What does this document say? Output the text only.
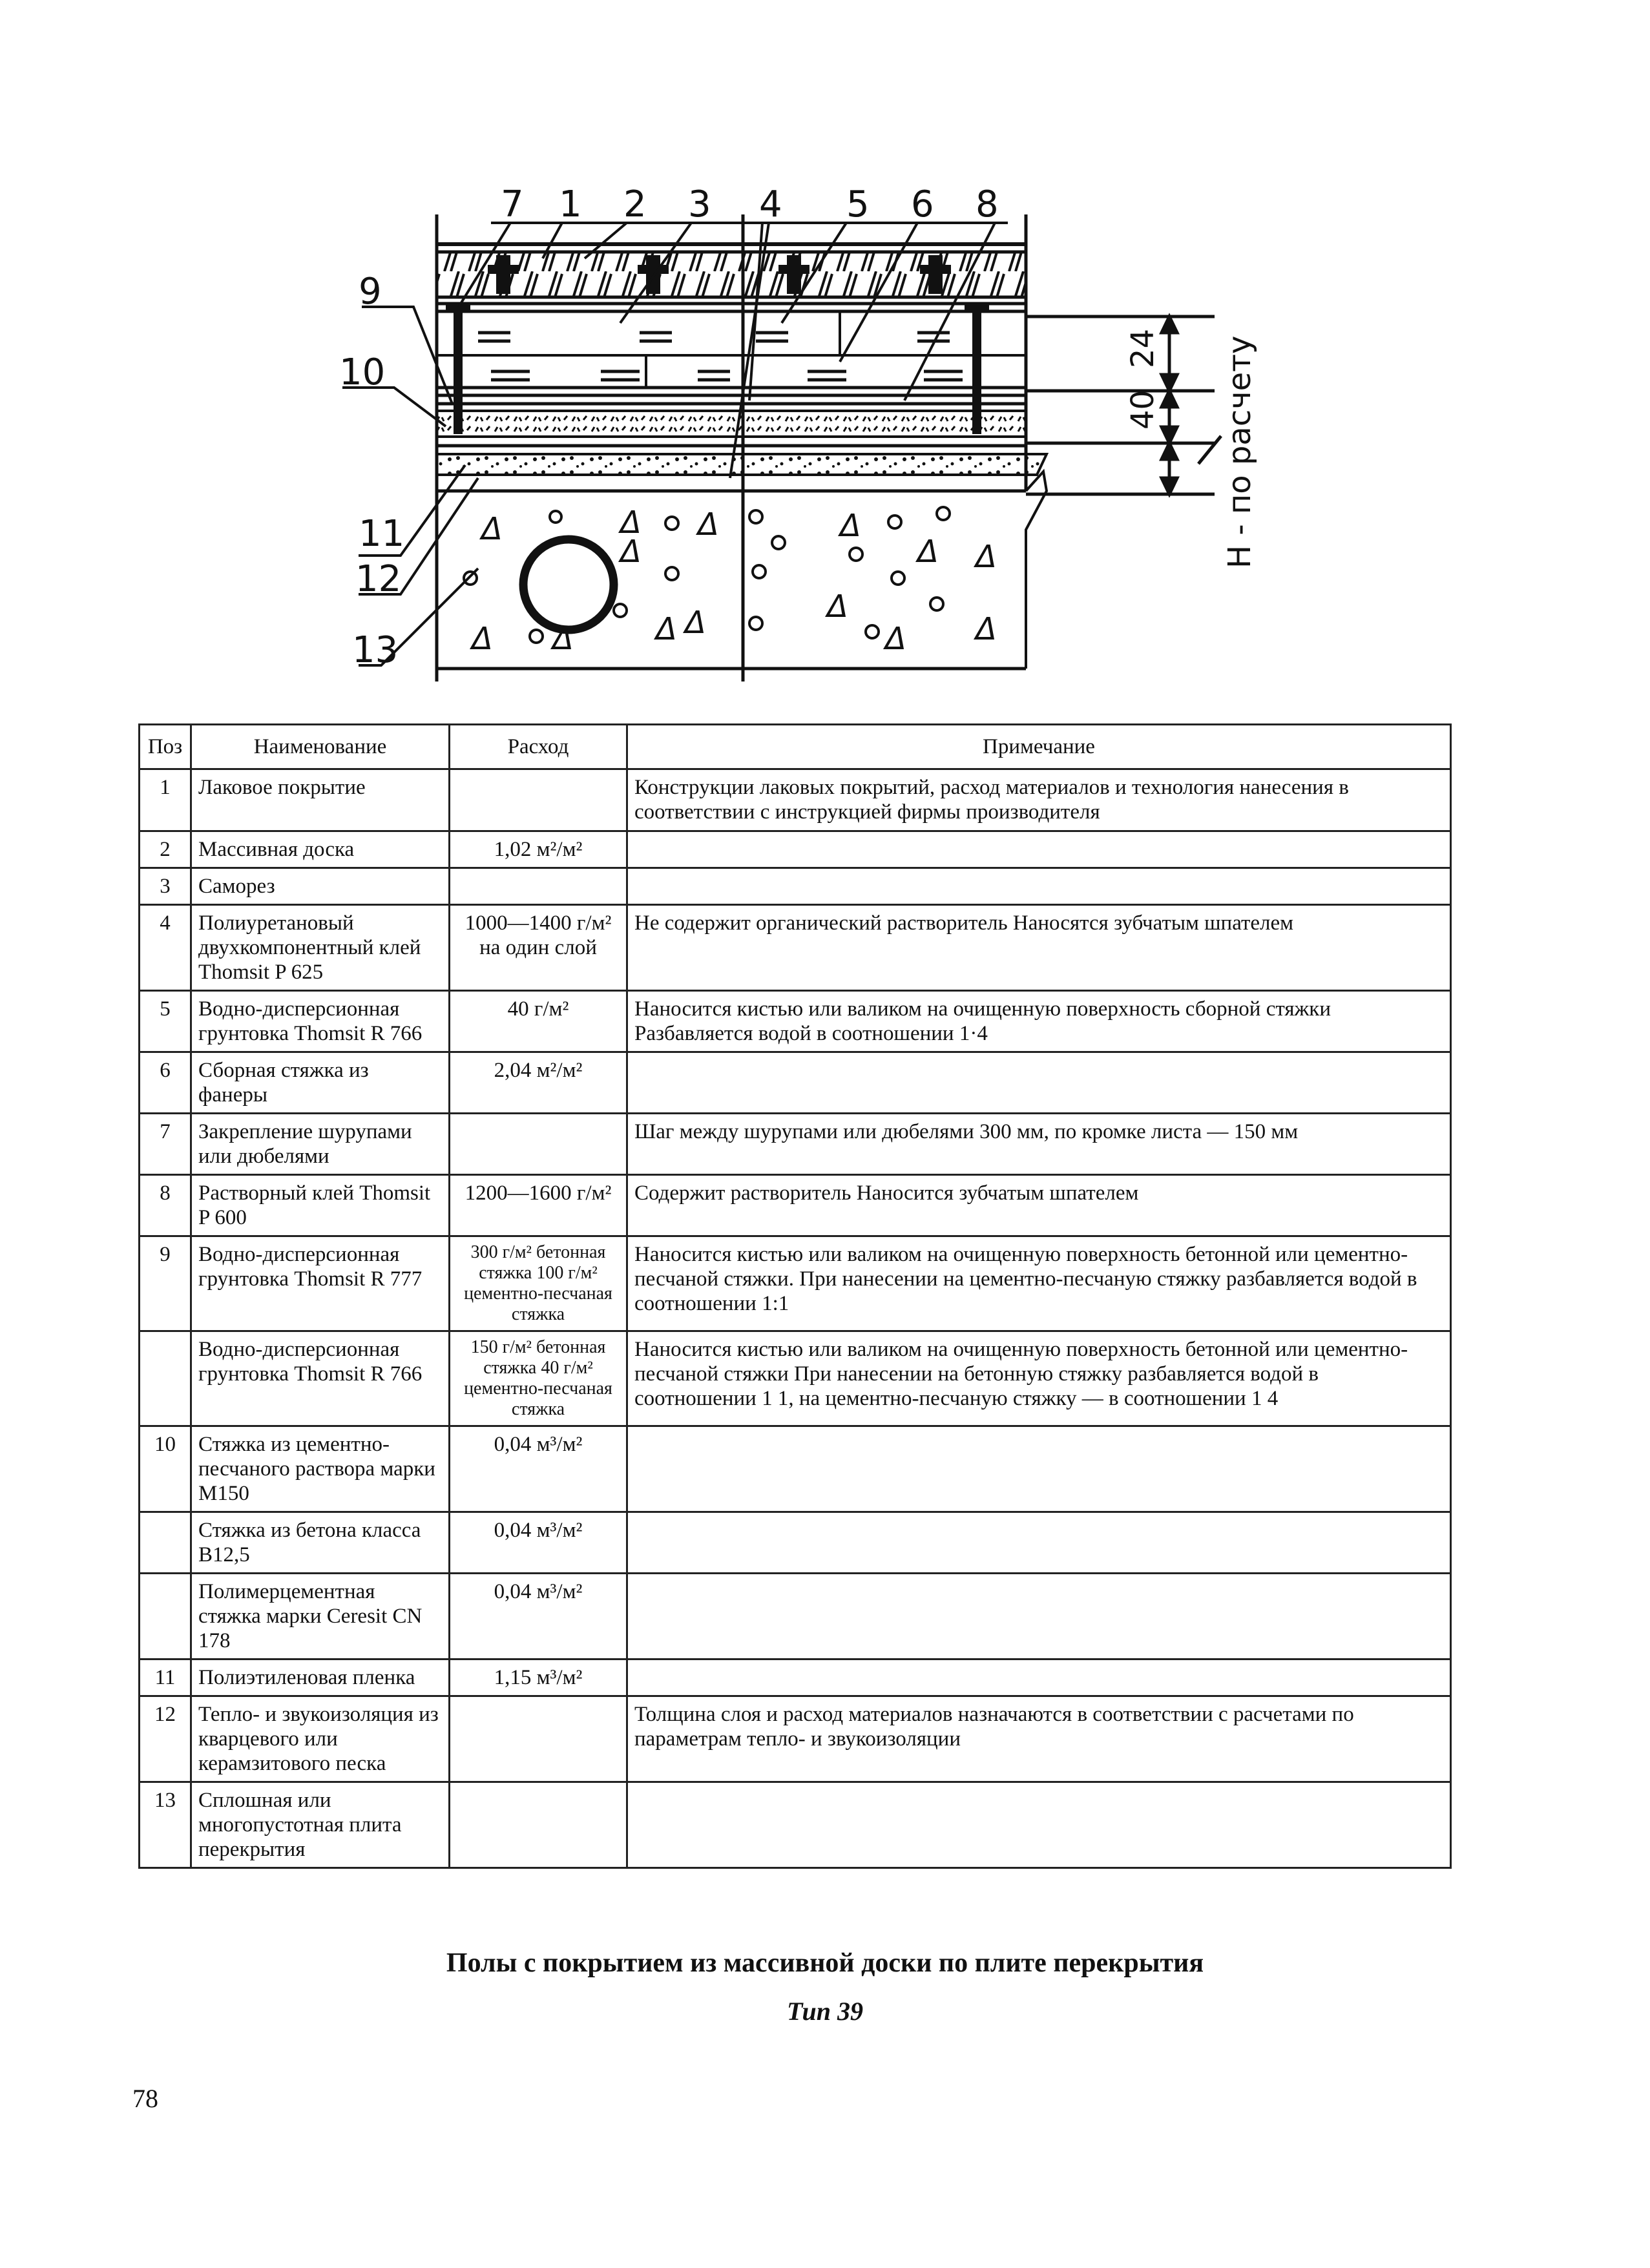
Δ	Δ Δ
Δ
Δ
Δ Δ
Δ Δ	Δ Δ	Δ
Δ Δ
7 1 2 3 4 5 6 8
9
10
11
12
13
24
40 Н - по расчету
Поз	Наименование	Расход	Примечание
1	Лаковое покрытие		Конструкции лаковых покрытий, расход материалов и технология нанесения в соответствии с инструкцией фирмы производителя
2	Массивная доска	1,02 м²/м²	
3	Саморез		
4	Полиуретановый двухкомпонентный клей Thomsit P 625	1000—1400 г/м² на один слой	Не содержит органический растворитель Наносятся зубчатым шпателем
5	Водно-дисперсионная грунтовка Thomsit R 766	40 г/м²	Наносится кистью или валиком на очищенную поверхность сборной стяжки Разбавляется водой в соотношении 1·4
6	Сборная стяжка из фанеры	2,04 м²/м²	
7	Закрепление шурупами или дюбелями		Шаг между шурупами или дюбелями 300 мм, по кромке листа — 150 мм
8	Растворный клей Thomsit P 600	1200—1600 г/м²	Содержит растворитель Наносится зубчатым шпателем
9	Водно-дисперсионная грунтовка Thomsit R 777	300 г/м² бетонная стяжка 100 г/м² цементно-песчаная стяжка	Наносится кистью или валиком на очищенную поверхность бетонной или цементно-песчаной стяжки. При нанесении на цементно-песчаную стяжку разбавляется водой в соотношении 1:1
	Водно-дисперсионная грунтовка Thomsit R 766	150 г/м² бетонная стяжка 40 г/м² цементно-песчаная стяжка	Наносится кистью или валиком на очищенную поверхность бетонной или цементно-песчаной стяжки При нанесении на бетонную стяжку разбавляется водой в соотношении 1 1, на цементно-песчаную стяжку — в соотношении 1 4
10	Стяжка из цементно-песчаного раствора марки M150	0,04 м³/м²	
	Стяжка из бетона класса B12,5	0,04 м³/м²	
	Полимерцементная стяжка марки Ceresit CN 178	0,04 м³/м²	
11	Полиэтиленовая пленка	1,15 м³/м²	
12	Тепло- и звукоизоляция из кварцевого или керамзитового песка		Толщина слоя и расход материалов назначаются в соответствии с расчетами по параметрам тепло- и звукоизоляции
13	Сплошная или многопустотная плита перекрытия		
Полы с покрытием из массивной доски по плите перекрытия
Тип 39
78
